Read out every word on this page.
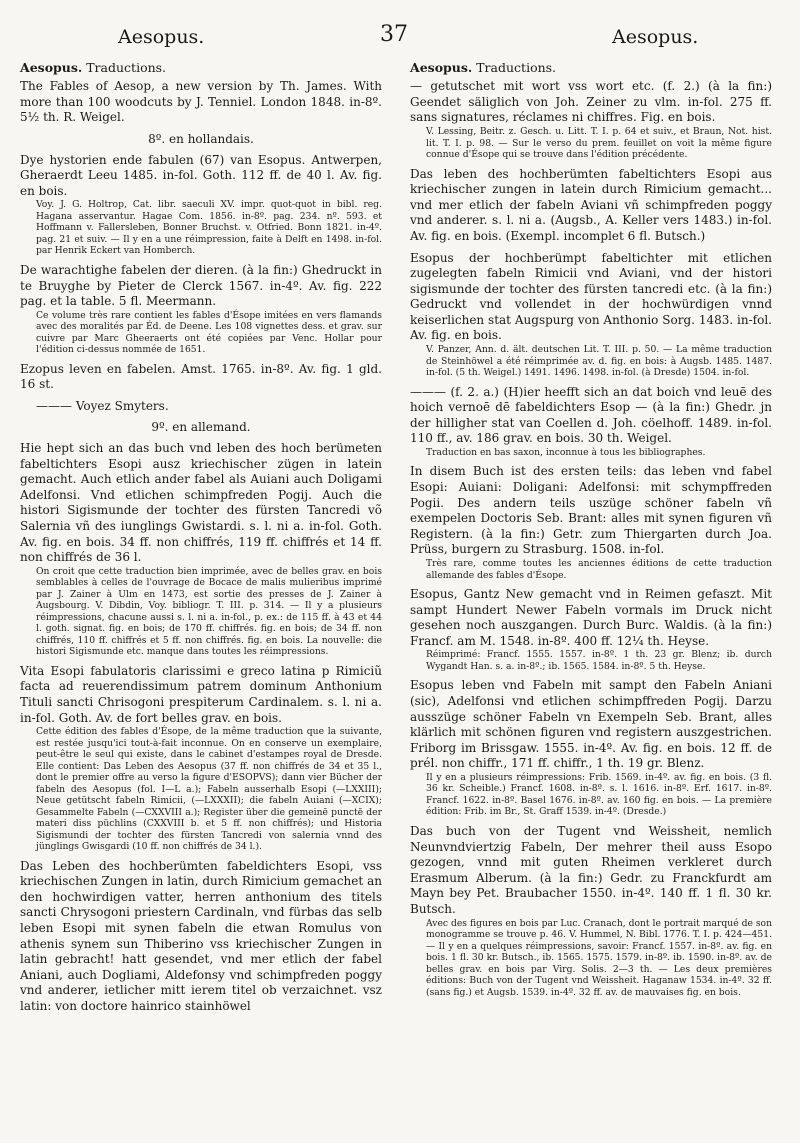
Aesopus.	37	Aesopus.
Aesopus. Traductions.
The Fables of Aesop, a new version by Th. James. With more than 100 woodcuts by J. Tenniel. London 1848. in-8º. 5½ th. R. Weigel.
8º. en hollandais.
Dye hystorien ende fabulen (67) van Esopus. Antwerpen, Gheraerdt Leeu 1485. in-fol. Goth. 112 ff. de 40 l. Av. fig. en bois.
Voy. J. G. Holtrop, Cat. libr. saeculi XV. impr. quot-quot in bibl. reg. Hagana asservantur. Hagae Com. 1856. in-8º. pag. 234. nº. 593. et Hoffmann v. Fallersleben, Bonner Bruchst. v. Otfried. Bonn 1821. in-4º. pag. 21 et suiv. — Il y en a une réimpression, faite à Delft en 1498. in-fol. par Henrik Eckert van Homberch.
De warachtighe fabelen der dieren. (à la fin:) Ghedruckt in te Bruyghe by Pieter de Clerck 1567. in-4º. Av. fig. 222 pag. et la table. 5 fl. Meermann.
Ce volume très rare contient les fables d'Ésope imitées en vers flamands avec des moralités par Éd. de Deene. Les 108 vignettes dess. et grav. sur cuivre par Marc Gheeraerts ont été copiées par Venc. Hollar pour l'édition ci-dessus nommée de 1651.
Ezopus leven en fabelen. Amst. 1765. in-8º. Av. fig. 1 gld. 16 st.
——— Voyez Smyters.
9º. en allemand.
Hie hept sich an das buch vnd leben des hoch berümeten fabeltichters Esopi ausz kriechischer zügen in latein gemacht. Auch etlich ander fabel als Auiani auch Doligami Adelfonsi. Vnd etlichen schimpfreden Pogij. Auch die histori Sigismunde der tochter des fürsten Tancredi võ Salernia vñ des iunglings Gwistardi. s. l. ni a. in-fol. Goth. Av. fig. en bois. 34 ff. non chiffrés, 119 ff. chiffrés et 14 ff. non chiffrés de 36 l.
On croit que cette traduction bien imprimée, avec de belles grav. en bois semblables à celles de l'ouvrage de Bocace de malis mulieribus imprimé par J. Zainer à Ulm en 1473, est sortie des presses de J. Zainer à Augsbourg. V. Dibdin, Voy. bibliogr. T. III. p. 314. — Il y a plusieurs réimpressions, chacune aussi s. l. ni a. in-fol., p. ex.: de 115 ff. à 43 et 44 l. goth. signat. fig. en bois; de 170 ff. chiffrés. fig. en bois; de 34 ff. non chiffrés, 110 ff. chiffrés et 5 ff. non chiffrés. fig. en bois. La nouvelle: die histori Sigismunde etc. manque dans toutes les réimpressions.
Vita Esopi fabulatoris clarissimi e greco latina p Rimiciũ facta ad reuerendissimum patrem dominum Anthonium Tituli sancti Chrisogoni prespiterum Cardinalem. s. l. ni a. in-fol. Goth. Av. de fort belles grav. en bois.
Cette édition des fables d'Ésope, de la même traduction que la suivante, est restée jusqu'ici tout-à-fait inconnue. On en conserve un exemplaire, peut-être le seul qui existe, dans le cabinet d'estampes royal de Dresde. Elle contient: Das Leben des Aesopus (37 ff. non chiffrés de 34 et 35 l., dont le premier offre au verso la figure d'ESOPVS); dann vier Bücher der fabeln des Aesopus (fol. I—L a.); Fabeln ausserhalb Esopi (—LXXIII); Neue getütscht fabeln Rimicii, (—LXXXII); die fabeln Auiani (—XCIX); Gesammelte Fabeln (—CXXVIII a.); Register über die gemeinē punctē der materi diss püchlins (CXXVIII b. et 5 ff. non chiffrés); und Historia Sigismundi der tochter des fürsten Tancredi von salernia vnnd des jünglings Gwisgardi (10 ff. non chiffrés de 34 l.).
Das Leben des hochberümten fabeldichters Esopi, vss kriechischen Zungen in latin, durch Rimicium gemachet an den hochwirdigen vatter, herren anthonium des titels sancti Chrysogoni priestern Cardinaln, vnd fürbas das selb leben Esopi mit synen fabeln die etwan Romulus von athenis synem sun Thiberino vss kriechischer Zungen in latin gebracht! hatt gesendet, vnd mer etlich der fabel Aniani, auch Dogliami, Aldefonsy vnd schimpfreden poggy vnd anderer, ietlicher mitt ierem titel ob verzaichnet. vsz latin: von doctore hainrico stainhöwel
Aesopus. Traductions.
— getutschet mit wort vss wort etc. (f. 2.) (à la fin:) Geendet säliglich von Joh. Zeiner zu vlm. in-fol. 275 ff. sans signatures, réclames ni chiffres. Fig. en bois.
V. Lessing, Beitr. z. Gesch. u. Litt. T. I. p. 64 et suiv., et Braun, Not. hist. lit. T. I. p. 98. — Sur le verso du prem. feuillet on voit la même figure connue d'Ésope qui se trouve dans l'édition précédente.
Das leben des hochberümten fabeltichters Esopi aus kriechischer zungen in latein durch Rimicium gemacht... vnd mer etlich der fabeln Aviani vñ schimpfreden poggy vnd anderer. s. l. ni a. (Augsb., A. Keller vers 1483.) in-fol. Av. fig. en bois. (Exempl. incomplet 6 fl. Butsch.)
Esopus der hochberümpt fabeltichter mit etlichen zugelegten fabeln Rimicii vnd Aviani, vnd der histori sigismunde der tochter des fürsten tancredi etc. (à la fin:) Gedruckt vnd vollendet in der hochwürdigen vnnd keiserlichen stat Augspurg von Anthonio Sorg. 1483. in-fol. Av. fig. en bois.
V. Panzer, Ann. d. ält. deutschen Lit. T. III. p. 50. — La même traduction de Steinhöwel a été réimprimée av. d. fig. en bois: à Augsb. 1485. 1487. in-fol. (5 th. Weigel.) 1491. 1496. 1498. in-fol. (à Dresde) 1504. in-fol.
——— (f. 2. a.) (H)ier heefft sich an dat boich vnd leuē des hoich vernoē dē fabeldichters Esop — (à la fin:) Ghedr. jn der hilligher stat van Coellen d. Joh. cöelhoff. 1489. in-fol. 110 ff., av. 186 grav. en bois. 30 th. Weigel.
Traduction en bas saxon, inconnue à tous les bibliographes.
In disem Buch ist des ersten teils: das leben vnd fabel Esopi: Auiani: Doligani: Adelfonsi: mit schympffreden Pogii. Des andern teils uszüge schöner fabeln vñ exempelen Doctoris Seb. Brant: alles mit synen figuren vñ Registern. (à la fin:) Getr. zum Thiergarten durch Joa. Prüss, burgern zu Strasburg. 1508. in-fol.
Très rare, comme toutes les anciennes éditions de cette traduction allemande des fables d'Ésope.
Esopus, Gantz New gemacht vnd in Reimen gefaszt. Mit sampt Hundert Newer Fabeln vormals im Druck nicht gesehen noch auszgangen. Durch Burc. Waldis. (à la fin:) Francf. am M. 1548. in-8º. 400 ff. 12¼ th. Heyse.
Réimprimé: Francf. 1555. 1557. in-8º. 1 th. 23 gr. Blenz; ib. durch Wygandt Han. s. a. in-8º.; ib. 1565. 1584. in-8º. 5 th. Heyse.
Esopus leben vnd Fabeln mit sampt den Fabeln Aniani (sic), Adelfonsi vnd etlichen schimpffreden Pogij. Darzu ausszüge schöner Fabeln vn Exempeln Seb. Brant, alles klärlich mit schönen figuren vnd registern auszgestrichen. Friborg im Brissgaw. 1555. in-4º. Av. fig. en bois. 12 ff. de prél. non chiffr., 171 ff. chiffr., 1 th. 19 gr. Blenz.
Il y en a plusieurs réimpressions: Frib. 1569. in-4º. av. fig. en bois. (3 fl. 36 kr. Scheible.) Francf. 1608. in-8º. s. l. 1616. in-8º. Erf. 1617. in-8º. Francf. 1622. in-8º. Basel 1676. in-8º. av. 160 fig. en bois. — La première édition: Frib. im Br., St. Graff 1539. in-4º. (Dresde.)
Das buch von der Tugent vnd Weissheit, nemlich Neunvndviertzig Fabeln, Der mehrer theil auss Esopo gezogen, vnnd mit guten Rheimen verkleret durch Erasmum Alberum. (à la fin:) Gedr. zu Franckfurdt am Mayn bey Pet. Braubacher 1550. in-4º. 140 ff. 1 fl. 30 kr. Butsch.
Avec des figures en bois par Luc. Cranach, dont le portrait marqué de son monogramme se trouve p. 46. V. Hummel, N. Bibl. 1776. T. I. p. 424—451. — Il y en a quelques réimpressions, savoir: Francf. 1557. in-8º. av. fig. en bois. 1 fl. 30 kr. Butsch., ib. 1565. 1575. 1579. in-8º. ib. 1590. in-8º. av. de belles grav. en bois par Virg. Solis. 2—3 th. — Les deux premières éditions: Buch von der Tugent vnd Weissheit. Haganaw 1534. in-4º. 32 ff. (sans fig.) et Augsb. 1539. in-4º. 32 ff. av. de mauvaises fig. en bois.
